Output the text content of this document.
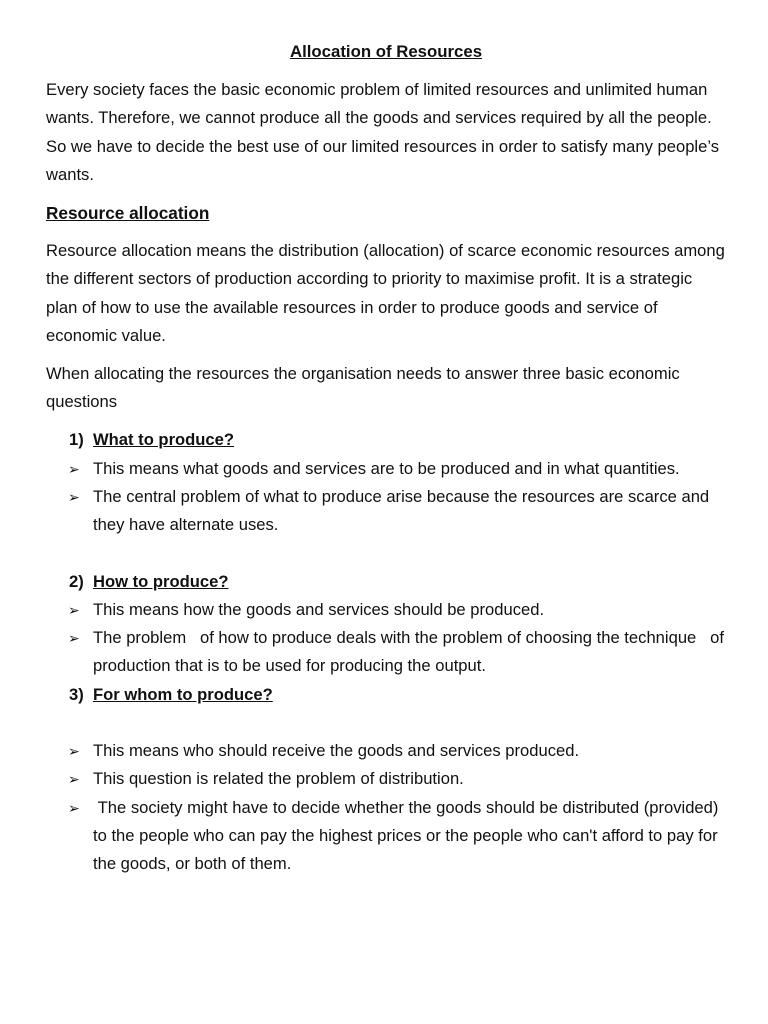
Allocation of Resources

Every society faces the basic economic problem of limited resources and unlimited human wants. Therefore, we cannot produce all the goods and services required by all the people. So we have to decide the best use of our limited resources in order to satisfy many people’s wants.

Resource allocation

Resource allocation means the distribution (allocation) of scarce economic resources among the different sectors of production according to priority to maximise profit. It is a strategic plan of how to use the available resources in order to produce goods and service of economic value.

When allocating the resources the organisation needs to answer three basic economic questions

1) What to produce?
➢ This means what goods and services are to be produced and in what quantities.
➢ The central problem of what to produce arise because the resources are scarce and they have alternate uses.
2) How to produce?
➢ This means how the goods and services should be produced.
➢ The problem   of how to produce deals with the problem of choosing the technique   of production that is to be used for producing the output.
3) For whom to produce?
➢ This means who should receive the goods and services produced.
➢ This question is related the problem of distribution.
➢ The society might have to decide whether the goods should be distributed (provided) to the people who can pay the highest prices or the people who can't afford to pay for the goods, or both of them.
